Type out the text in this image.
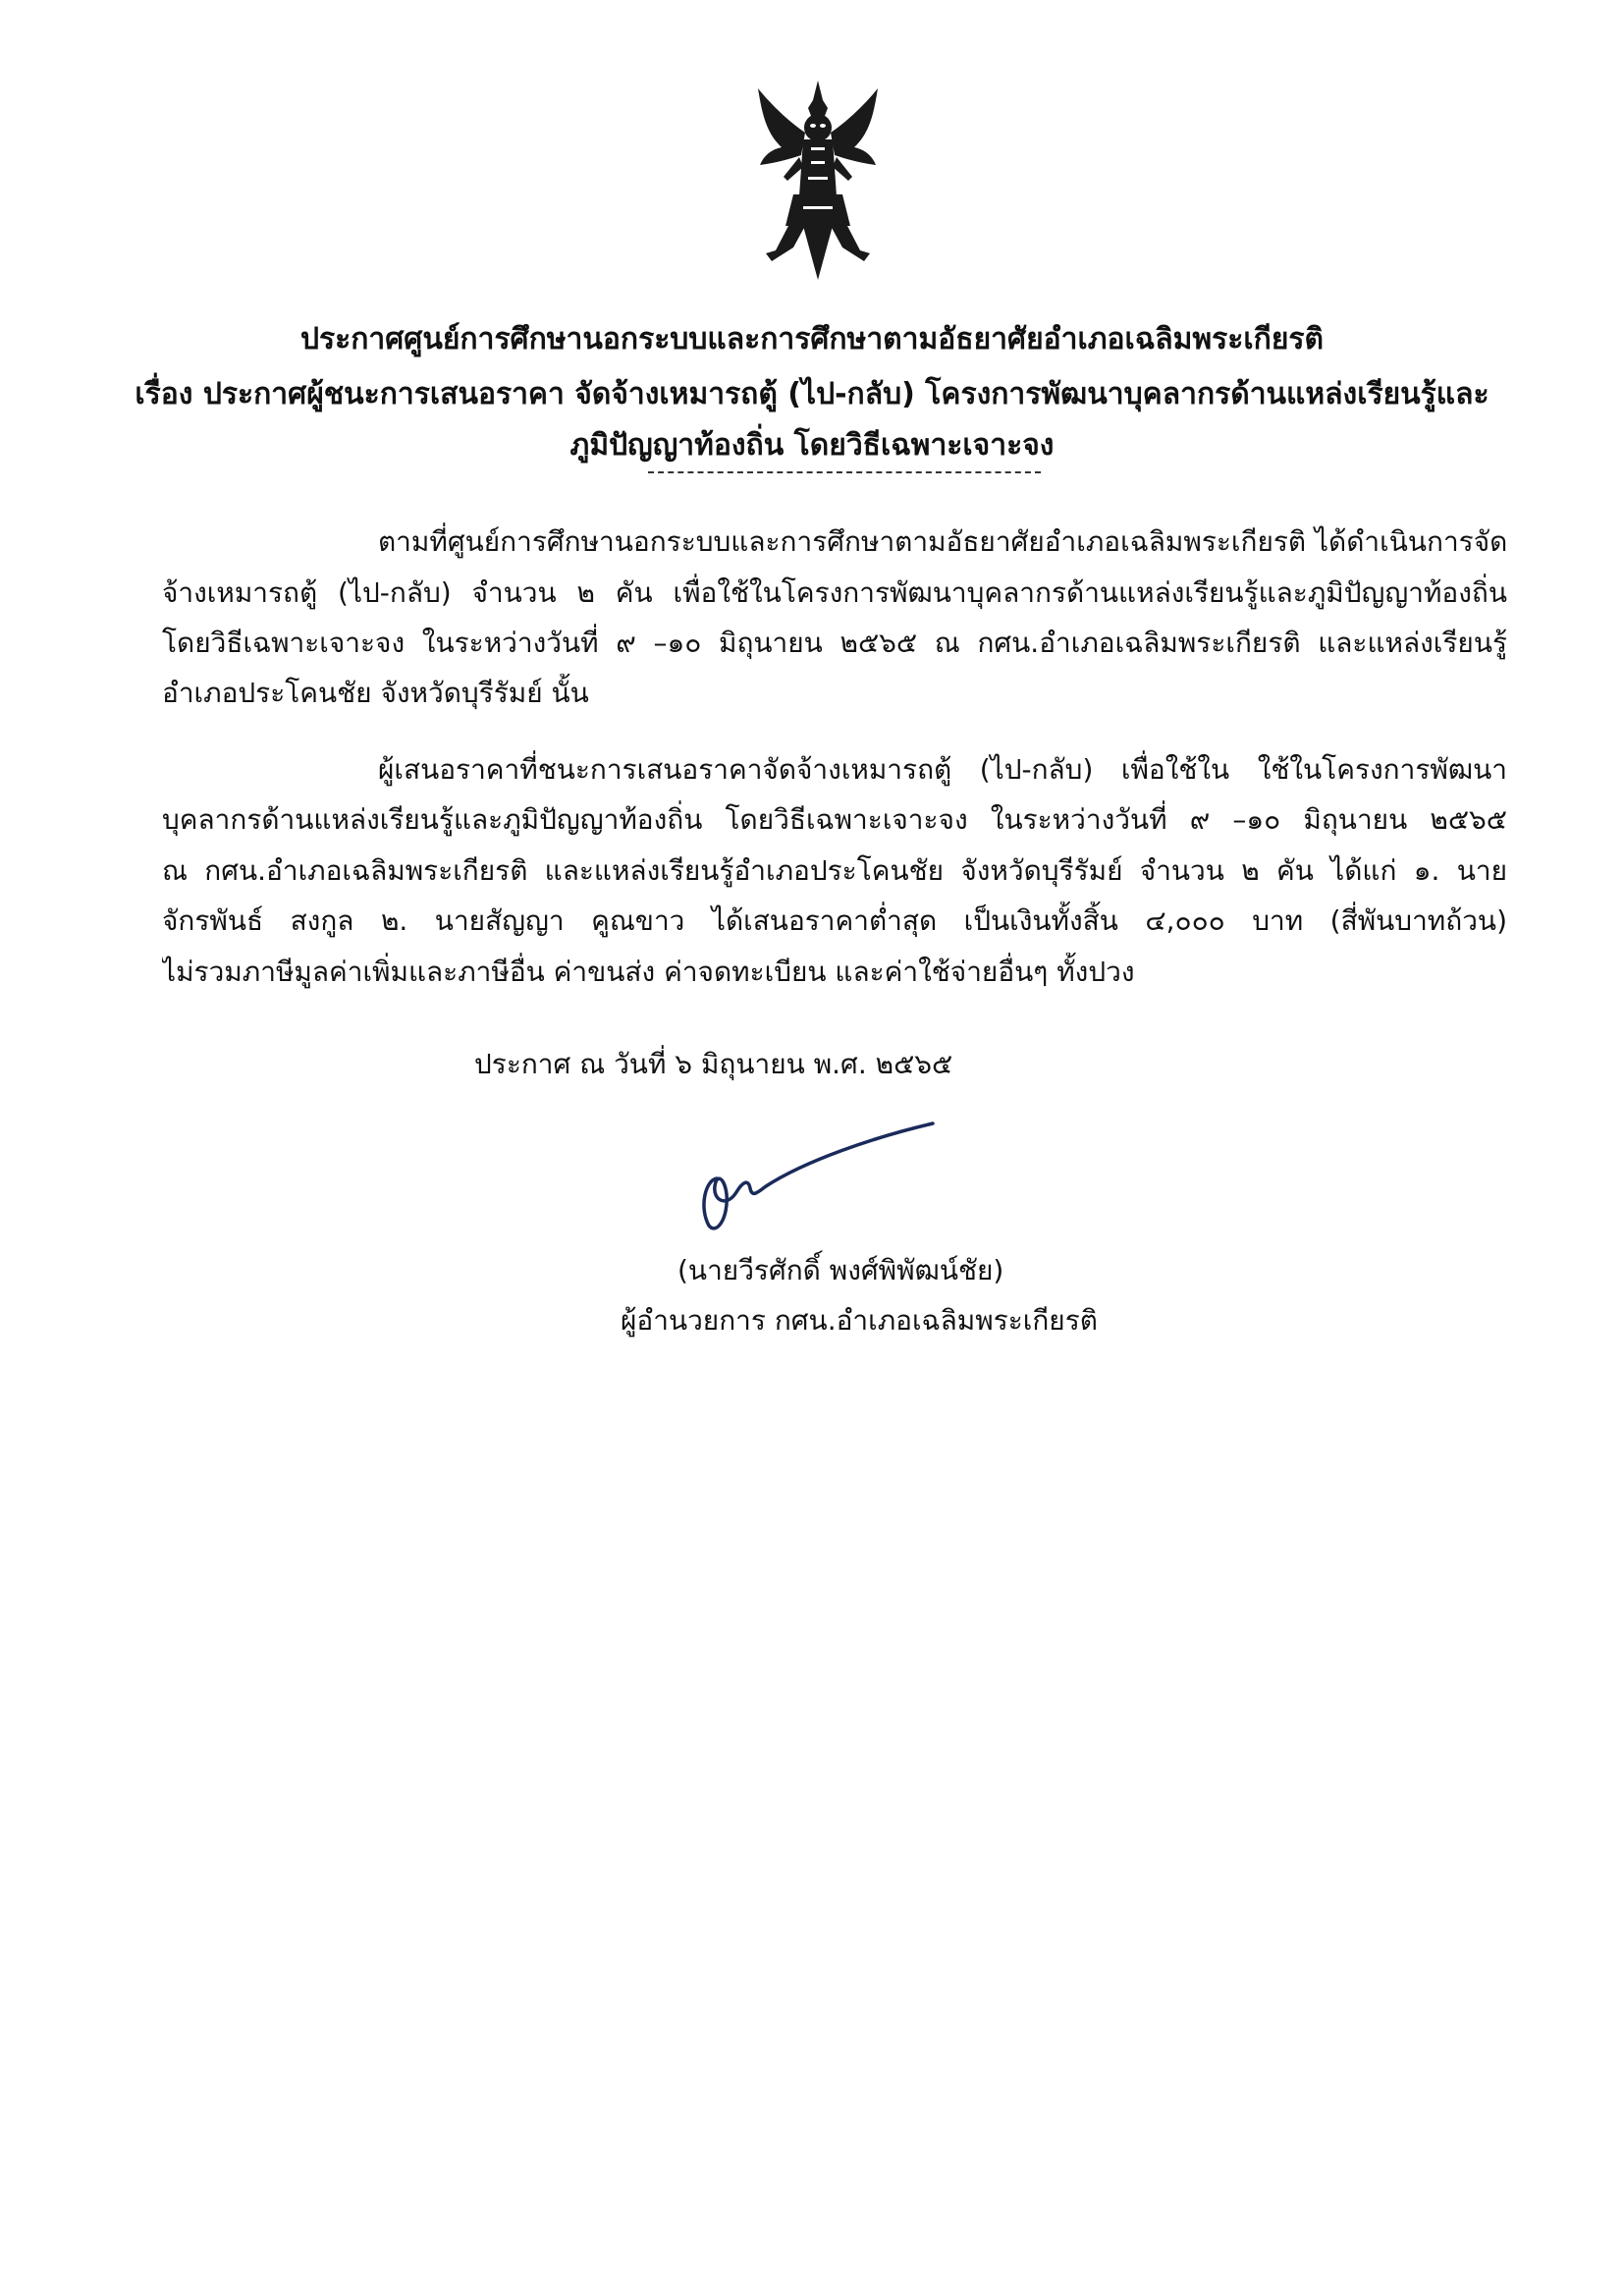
ประกาศศูนย์การศึกษานอกระบบและการศึกษาตามอัธยาศัยอำเภอเฉลิมพระเกียรติ
เรื่อง ประกาศผู้ชนะการเสนอราคา จัดจ้างเหมารถตู้ (ไป-กลับ) โครงการพัฒนาบุคลากรด้านแหล่งเรียนรู้และ
ภูมิปัญญาท้องถิ่น โดยวิธีเฉพาะเจาะจง
ตามที่ศูนย์การศึกษานอกระบบและการศึกษาตามอัธยาศัยอำเภอเฉลิมพระเกียรติ ได้ดำเนินการจัด
จ้างเหมารถตู้ (ไป-กลับ) จำนวน ๒ คัน เพื่อใช้ในโครงการพัฒนาบุคลากรด้านแหล่งเรียนรู้และภูมิปัญญาท้องถิ่น
โดยวิธีเฉพาะเจาะจง ในระหว่างวันที่ ๙ –๑๐ มิถุนายน ๒๕๖๕ ณ กศน.อำเภอเฉลิมพระเกียรติ และแหล่งเรียนรู้
อำเภอประโคนชัย จังหวัดบุรีรัมย์ นั้น
ผู้เสนอราคาที่ชนะการเสนอราคาจัดจ้างเหมารถตู้ (ไป-กลับ) เพื่อใช้ใน ใช้ในโครงการพัฒนา
บุคลากรด้านแหล่งเรียนรู้และภูมิปัญญาท้องถิ่น โดยวิธีเฉพาะเจาะจง ในระหว่างวันที่ ๙ –๑๐ มิถุนายน ๒๕๖๕
ณ กศน.อำเภอเฉลิมพระเกียรติ และแหล่งเรียนรู้อำเภอประโคนชัย จังหวัดบุรีรัมย์ จำนวน ๒ คัน ได้แก่ ๑. นาย
จักรพันธ์ สงกูล ๒. นายสัญญา คูณขาว ได้เสนอราคาต่ำสุด เป็นเงินทั้งสิ้น ๔,๐๐๐ บาท (สี่พันบาทถ้วน)
ไม่รวมภาษีมูลค่าเพิ่มและภาษีอื่น ค่าขนส่ง ค่าจดทะเบียน และค่าใช้จ่ายอื่นๆ ทั้งปวง
ประกาศ ณ วันที่ ๖ มิถุนายน พ.ศ. ๒๕๖๕
(นายวีรศักดิ์ พงศ์พิพัฒน์ชัย)
ผู้อำนวยการ กศน.อำเภอเฉลิมพระเกียรติ
